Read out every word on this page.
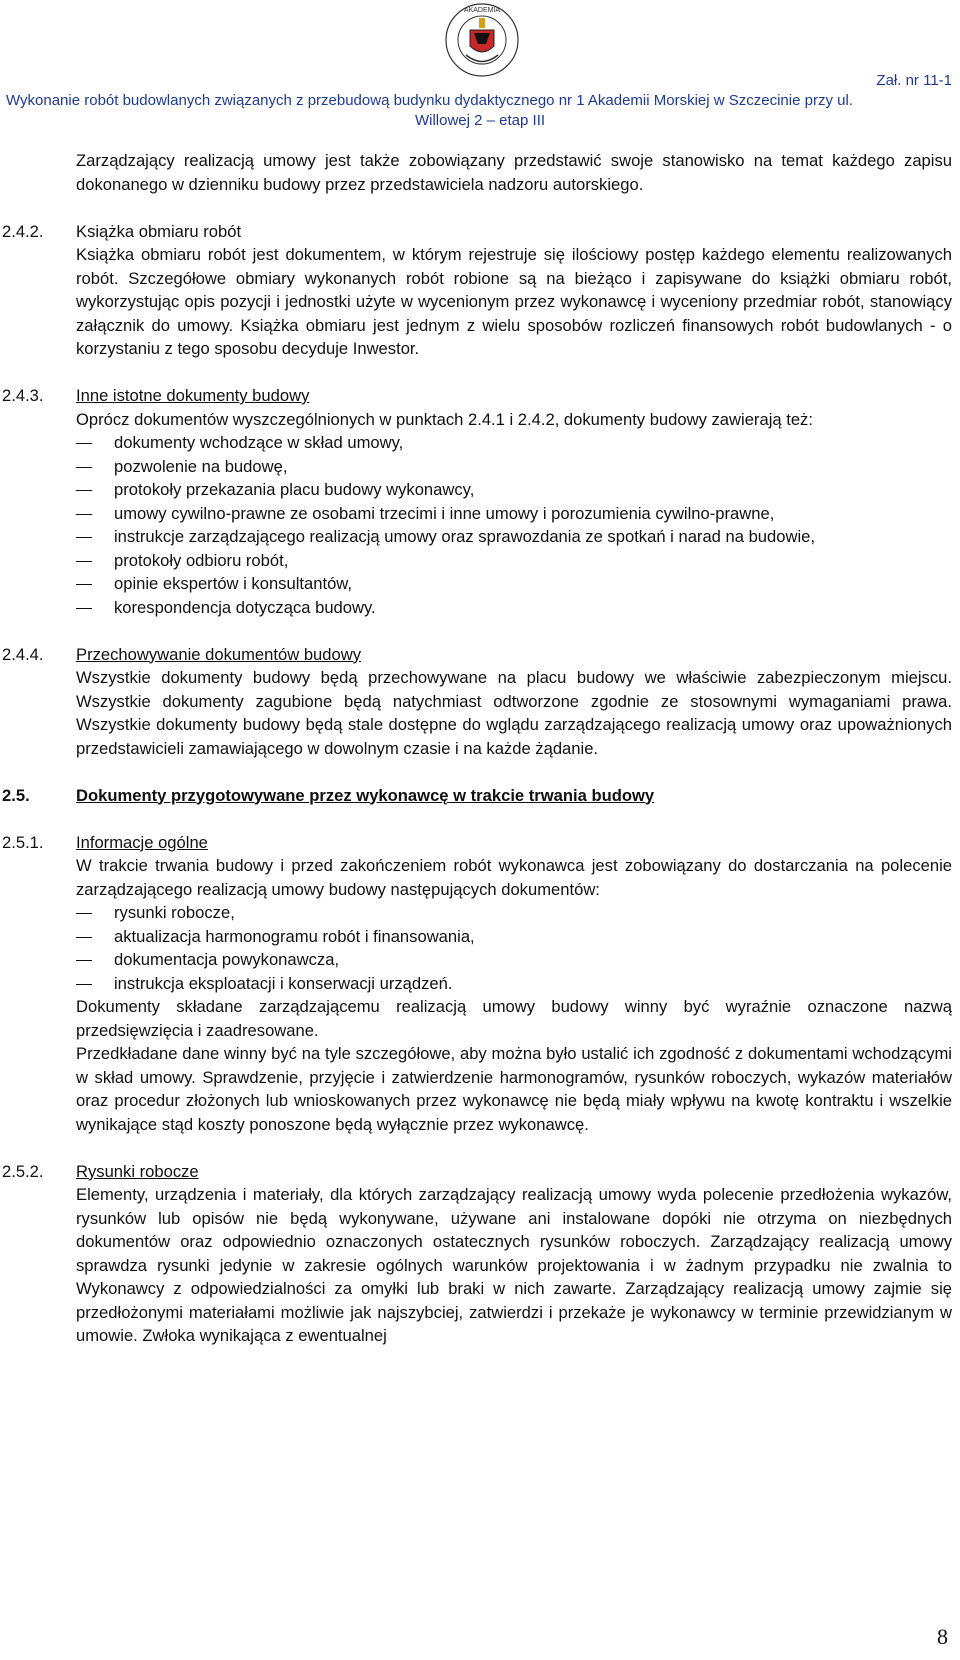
AKADEMIA
Zał. nr 11-1
Wykonanie robót budowlanych związanych z przebudową budynku dydaktycznego nr 1 Akademii Morskiej w Szczecinie przy ul.
Willowej 2 – etap III

Zarządzający realizacją umowy jest także zobowiązany przedstawić swoje stanowisko na temat każdego zapisu dokonanego w dzienniku budowy przez przedstawiciela nadzoru autorskiego.

2.4.2.	Książka obmiaru robót

Książka obmiaru robót jest dokumentem, w którym rejestruje się ilościowy postęp każdego elementu realizowanych robót. Szczegółowe obmiary wykonanych robót robione są na bieżąco i zapisywane do książki obmiaru robót, wykorzystując opis pozycji i jednostki użyte w wycenionym przez wykonawcę i wyceniony przedmiar robót, stanowiący załącznik do umowy. Książka obmiaru jest jednym z wielu sposobów rozliczeń finansowych robót budowlanych - o korzystaniu z tego sposobu decyduje Inwestor.

2.4.3.	Inne istotne dokumenty budowy

Oprócz dokumentów wyszczególnionych w punktach 2.4.1 i 2.4.2, dokumenty budowy zawierają też:

dokumenty wchodzące w skład umowy,
pozwolenie na budowę,
protokoły przekazania placu budowy wykonawcy,
umowy cywilno-prawne ze osobami trzecimi i inne umowy i porozumienia cywilno-prawne,
instrukcje zarządzającego realizacją umowy oraz sprawozdania ze spotkań i narad na budowie,
protokoły odbioru robót,
opinie ekspertów i konsultantów,
korespondencja dotycząca budowy.
2.4.4.	Przechowywanie dokumentów budowy

Wszystkie dokumenty budowy będą przechowywane na placu budowy we właściwie zabezpieczonym miejscu. Wszystkie dokumenty zagubione będą natychmiast odtworzone zgodnie ze stosownymi wymaganiami prawa. Wszystkie dokumenty budowy będą stale dostępne do wglądu zarządzającego realizacją umowy oraz upoważnionych przedstawicieli zamawiającego w dowolnym czasie i na każde żądanie.

2.5.	Dokumenty przygotowywane przez wykonawcę w trakcie trwania budowy
2.5.1.	Informacje ogólne

W trakcie trwania budowy i przed zakończeniem robót wykonawca jest zobowiązany do dostarczania na polecenie zarządzającego realizacją umowy budowy następujących dokumentów:

rysunki robocze,
aktualizacja harmonogramu robót i finansowania,
dokumentacja powykonawcza,
instrukcja eksploatacji i konserwacji urządzeń.

Dokumenty składane zarządzającemu realizacją umowy budowy winny być wyraźnie oznaczone nazwą przedsięwzięcia i zaadresowane.

Przedkładane dane winny być na tyle szczegółowe, aby można było ustalić ich zgodność z dokumentami wchodzącymi w skład umowy. Sprawdzenie, przyjęcie i zatwierdzenie harmonogramów, rysunków roboczych, wykazów materiałów oraz procedur złożonych lub wnioskowanych przez wykonawcę nie będą miały wpływu na kwotę kontraktu i wszelkie wynikające stąd koszty ponoszone będą wyłącznie przez wykonawcę.

2.5.2.	Rysunki robocze

Elementy, urządzenia i materiały, dla których zarządzający realizacją umowy wyda polecenie przedłożenia wykazów, rysunków lub opisów nie będą wykonywane, używane ani instalowane dopóki nie otrzyma on niezbędnych dokumentów oraz odpowiednio oznaczonych ostatecznych rysunków roboczych. Zarządzający realizacją umowy sprawdza rysunki jedynie w zakresie ogólnych warunków projektowania i w żadnym przypadku nie zwalnia to Wykonawcy z odpowiedzialności za omyłki lub braki w nich zawarte. Zarządzający realizacją umowy zajmie się przedłożonymi materiałami możliwie jak najszybciej, zatwierdzi i przekaże je wykonawcy w terminie przewidzianym w umowie. Zwłoka wynikająca z ewentualnej

8
